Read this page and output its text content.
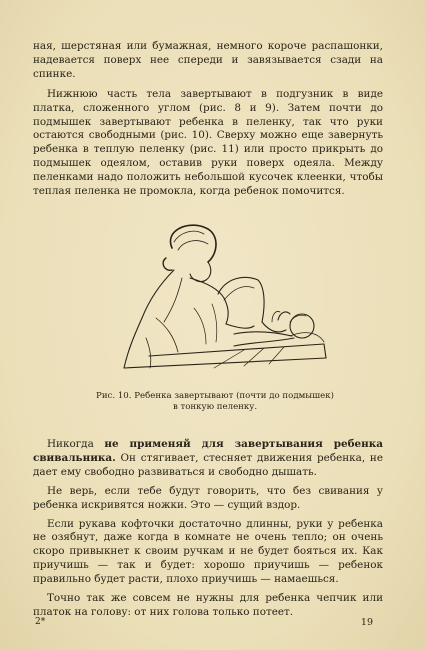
ная, шерстяная или бумажная, немного короче распашонки, надевается поверх нее спереди и завязывается сзади на спинке.

Нижнюю часть тела завертывают в подгузник в виде платка, сложенного углом (рис. 8 и 9). Затем почти до подмышек завертывают ребенка в пеленку, так что руки остаются свободными (рис. 10). Сверху можно еще завернуть ребенка в теплую пеленку (рис. 11) или просто прикрыть до подмышек одеялом, оставив руки поверх одеяла. Между пеленками надо положить небольшой кусочек клеенки, чтобы теплая пеленка не промокла, когда ребенок помочится.

Рис. 10. Ребенка завертывают (почти до подмышек)
в тонкую пеленку.

Никогда не применяй для завертывания ребенка свивальника. Он стягивает, стесняет движения ребенка, не дает ему свободно развиваться и свободно дышать.

Не верь, если тебе будут говорить, что без свивания у ребенка искривятся ножки. Это — сущий вздор.

Если рукава кофточки достаточно длинны, руки у ребенка не озябнут, даже когда в комнате не очень тепло; он очень скоро привыкнет к своим ручкам и не будет бояться их. Как приучишь — так и будет: хорошо приучишь — ребенок правильно будет расти, плохо приучишь — намаешься.

Точно так же совсем не нужны для ребенка чепчик или платок на голову: от них голова только потеет.

2*	19
